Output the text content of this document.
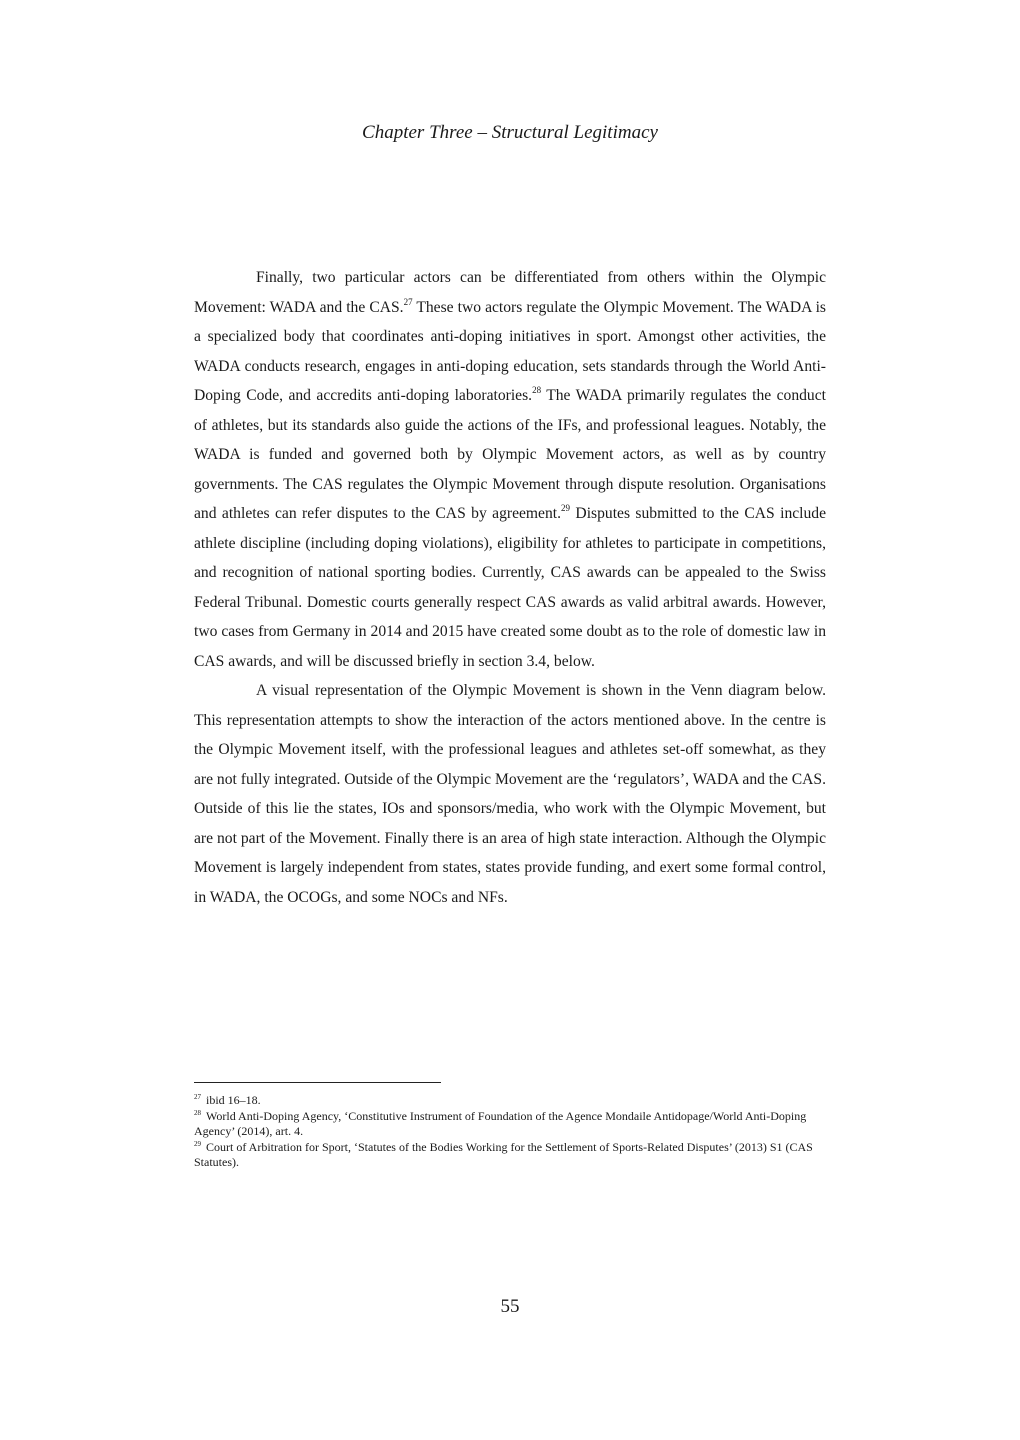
Chapter Three – Structural Legitimacy

Finally, two particular actors can be differentiated from others within the Olympic Movement: WADA and the CAS.$^{27}$ These two actors regulate the Olympic Movement. The WADA is a specialized body that coordinates anti-doping initiatives in sport. Amongst other activities, the WADA conducts research, engages in anti-doping education, sets standards through the World Anti-Doping Code, and accredits anti-doping laboratories.$^{28}$ The WADA primarily regulates the conduct of athletes, but its standards also guide the actions of the IFs, and professional leagues. Notably, the WADA is funded and governed both by Olympic Movement actors, as well as by country governments. The CAS regulates the Olympic Movement through dispute resolution. Organisations and athletes can refer disputes to the CAS by agreement.$^{29}$ Disputes submitted to the CAS include athlete discipline (including doping violations), eligibility for athletes to participate in competitions, and recognition of national sporting bodies. Currently, CAS awards can be appealed to the Swiss Federal Tribunal. Domestic courts generally respect CAS awards as valid arbitral awards. However, two cases from Germany in 2014 and 2015 have created some doubt as to the role of domestic law in CAS awards, and will be discussed briefly in section 3.4, below.

A visual representation of the Olympic Movement is shown in the Venn diagram below. This representation attempts to show the interaction of the actors mentioned above. In the centre is the Olympic Movement itself, with the professional leagues and athletes set-off somewhat, as they are not fully integrated. Outside of the Olympic Movement are the ‘regulators’, WADA and the CAS. Outside of this lie the states, IOs and sponsors/media, who work with the Olympic Movement, but are not part of the Movement. Finally there is an area of high state interaction. Although the Olympic Movement is largely independent from states, states provide funding, and exert some formal control, in WADA, the OCOGs, and some NOCs and NFs.

$^{27}$ ibid 16–18.

$^{28}$ World Anti-Doping Agency, ‘Constitutive Instrument of Foundation of the Agence Mondaile Antidopage/World Anti-Doping Agency’ (2014), art. 4.

$^{29}$ Court of Arbitration for Sport, ‘Statutes of the Bodies Working for the Settlement of Sports-Related Disputes’ (2013) S1 (CAS Statutes).

55
